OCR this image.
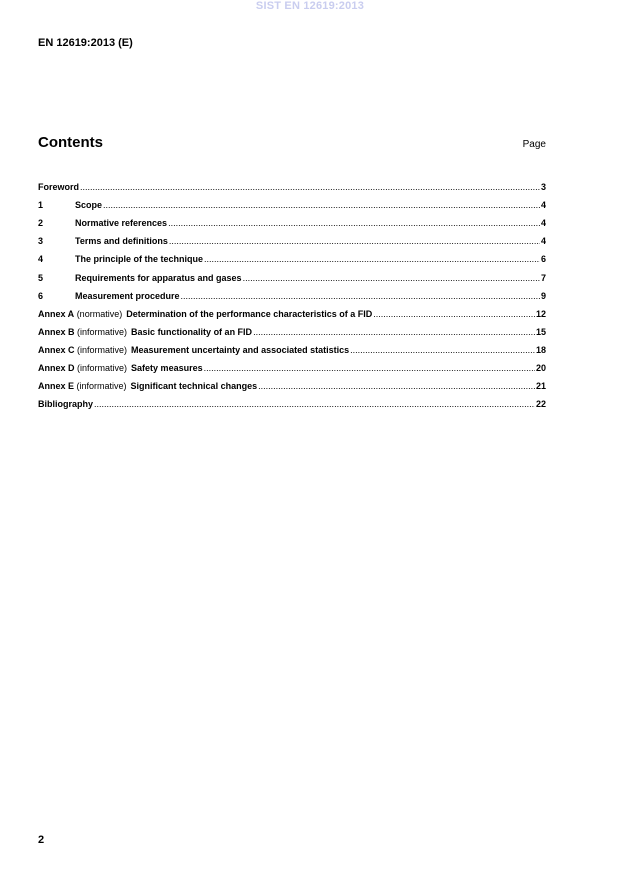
SIST EN 12619:2013
EN 12619:2013 (E)
Contents	Page
Foreword .....	3
1	Scope .....	4
2	Normative references .....	4
3	Terms and definitions .....	4
4	The principle of the technique .....	6
5	Requirements for apparatus and gases .....	7
6	Measurement procedure .....	9
Annex A (normative) Determination of the performance characteristics of a FID .....	12
Annex B (informative) Basic functionality of an FID .....	15
Annex C (informative) Measurement uncertainty and associated statistics .....	18
Annex D (informative) Safety measures .....	20
Annex E (informative) Significant technical changes .....	21
Bibliography .....	22
2
